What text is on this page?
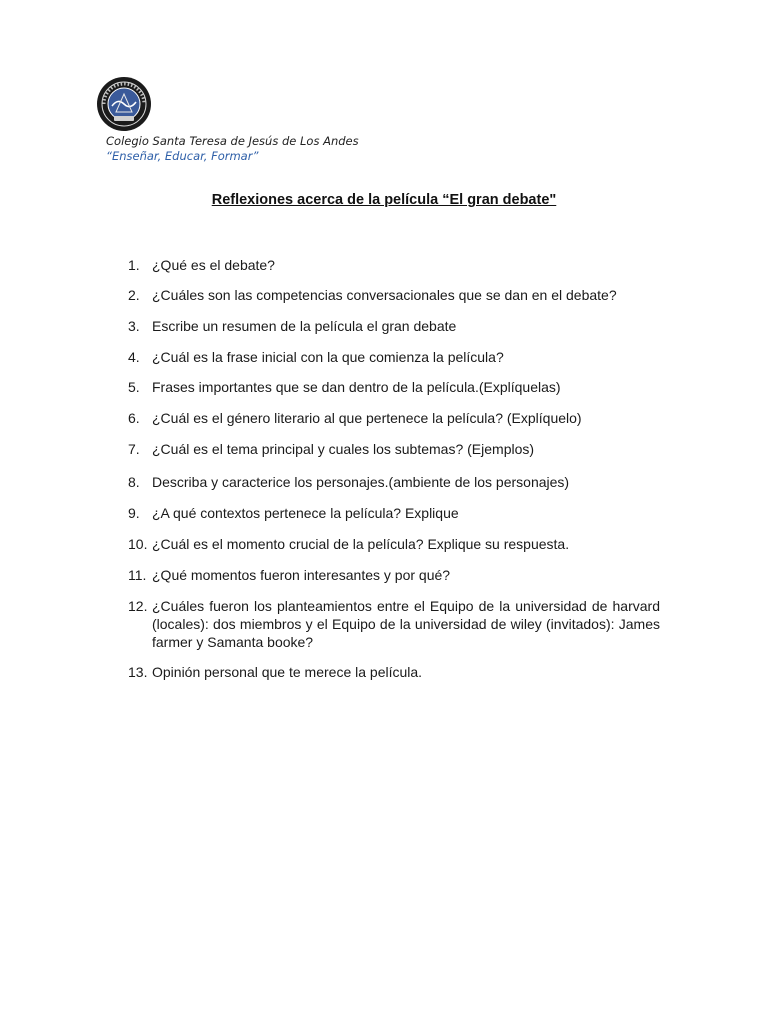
Colegio Santa Teresa de Jesús de Los Andes
“Enseñar, Educar, Formar”
Reflexiones acerca de la película “El gran debate"
1. ¿Qué es el debate?
2. ¿Cuáles son las competencias conversacionales que se dan en el debate?
3. Escribe un resumen de la película el gran debate
4. ¿Cuál es la frase inicial con la que comienza la película?
5. Frases importantes que se dan dentro de la película.(Explíquelas)
6. ¿Cuál es el género literario al que pertenece la película? (Explíquelo)
7. ¿Cuál es el tema principal y cuales los subtemas? (Ejemplos)
8. Describa y caracterice los personajes.(ambiente de los personajes)
9. ¿A qué contextos pertenece la película? Explique
10. ¿Cuál es el momento crucial de la película? Explique su respuesta.
11. ¿Qué momentos fueron interesantes y por qué?
12. ¿Cuáles fueron los planteamientos entre el Equipo de la universidad de harvard (locales): dos miembros y el Equipo de la universidad de wiley (invitados): James farmer y Samanta booke?
13. Opinión personal que te merece la película.
